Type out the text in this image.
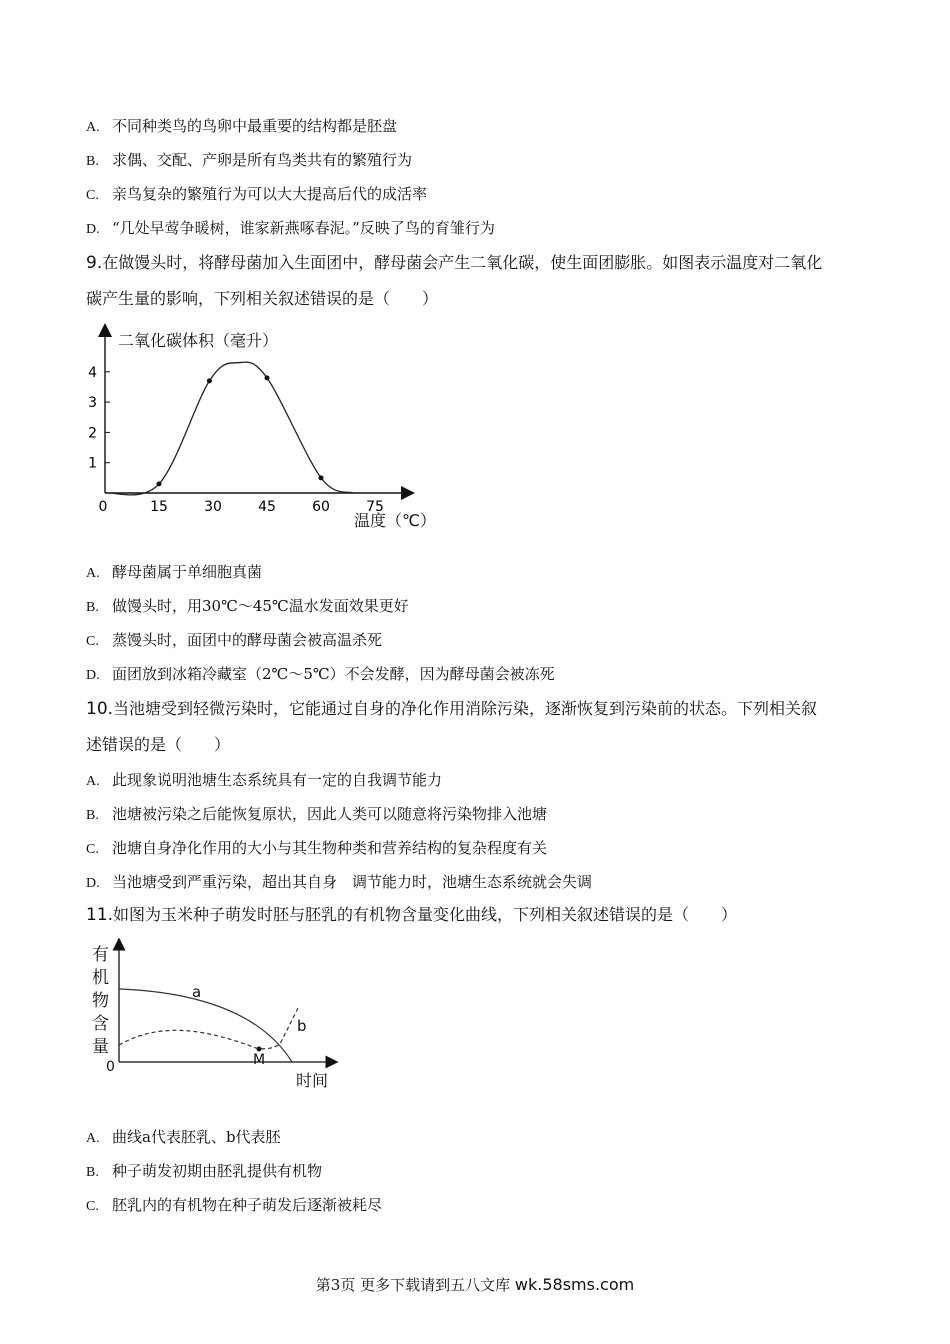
A. 不同种类鸟的鸟卵中最重要的结构都是胚盘
B. 求偶、交配、产卵是所有鸟类共有的繁殖行为
C. 亲鸟复杂的繁殖行为可以大大提高后代的成活率
D. “几处早莺争暖树，谁家新燕啄春泥。”反映了鸟的育雏行为
9.在做馒头时，将酵母菌加入生面团中，酵母菌会产生二氧化碳，使生面团膨胀。如图表示温度对二氧化
碳产生量的影响，下列相关叙述错误的是（　　）
二氧化碳体积（毫升）
温度（℃）
1
2
3
4
0	15	30	45	60	75
A. 酵母菌属于单细胞真菌
B. 做馒头时，用30℃～45℃温水发面效果更好
C. 蒸馒头时，面团中的酵母菌会被高温杀死
D. 面团放到冰箱冷藏室（2℃～5℃）不会发酵，因为酵母菌会被冻死
10.当池塘受到轻微污染时，它能通过自身的净化作用消除污染，逐渐恢复到污染前的状态。下列相关叙
述错误的是（　　）
A. 此现象说明池塘生态系统具有一定的自我调节能力
B. 池塘被污染之后能恢复原状，因此人类可以随意将污染物排入池塘
C. 池塘自身净化作用的大小与其生物种类和营养结构的复杂程度有关
D. 当池塘受到严重污染，超出其自身　调节能力时，池塘生态系统就会失调
11.如图为玉米种子萌发时胚与胚乳的有机物含量变化曲线，下列相关叙述错误的是（　　）
有
机
物
含
量
0
时间
a
b
M
A. 曲线a代表胚乳、b代表胚
B. 种子萌发初期由胚乳提供有机物
C. 胚乳内的有机物在种子萌发后逐渐被耗尽
第3页 更多下载请到五八文库 wk.58sms.com
